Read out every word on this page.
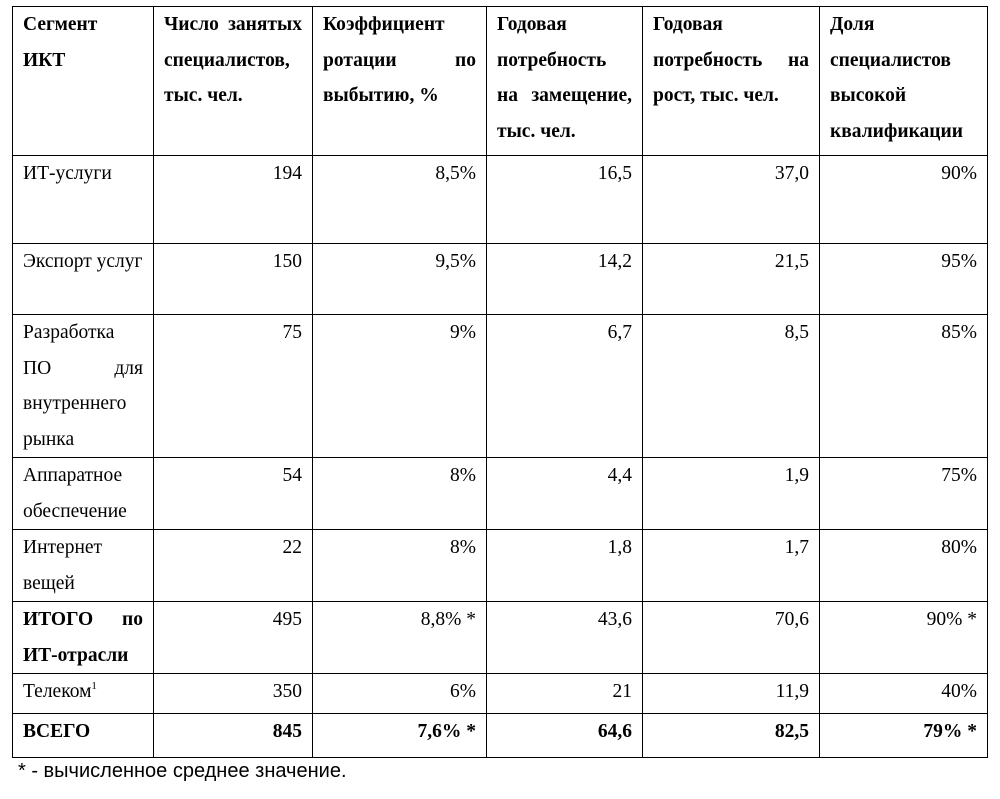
Сегмент ИКТ	Число занятых специалистов, тыс. чел.	Коэффициент ротации по выбытию, %	Годовая потребность на замещение, тыс. чел.	Годовая потребность на рост, тыс. чел.	Доля специалистов высокой квалификации
ИТ-услуги	194	8,5%	16,5	37,0	90%
Экспорт услуг	150	9,5%	14,2	21,5	95%
Разработка ПО для внутреннего рынка	75	9%	6,7	8,5	85%
Аппаратное обеспечение	54	8%	4,4	1,9	75%
Интернет вещей	22	8%	1,8	1,7	80%
ИТОГО по ИТ-отрасли	495	8,8% *	43,6	70,6	90% *
Телеком$^1$	350	6%	21	11,9	40%
ВСЕГО	845	7,6% *	64,6	82,5	79% *
* - вычисленное среднее значение.
